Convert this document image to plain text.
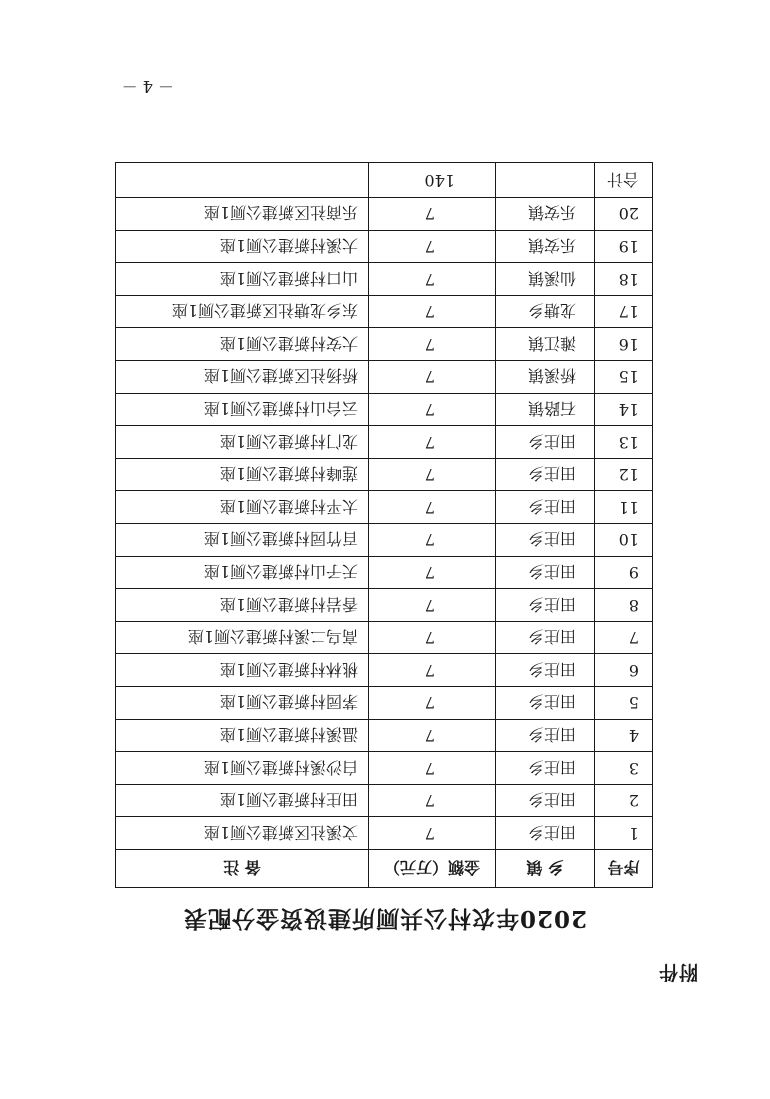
附件
2020年农村公共厕所建设资金分配表
序号	乡 镇	金额（万元）	备 注
1	田庄乡	7	文溪社区新建公厕1座
2	田庄乡	7	田庄村新建公厕1座
3	田庄乡	7	白沙溪村新建公厕1座
4	田庄乡	7	温溪村新建公厕1座
5	田庄乡	7	茅园村新建公厕1座
6	田庄乡	7	桃林村新建公厕1座
7	田庄乡	7	高乌二溪村新建公厕1座
8	田庄乡	7	香岩村新建公厕1座
9	田庄乡	7	天子山村新建公厕1座
10	田庄乡	7	百竹园村新建公厕1座
11	田庄乡	7	太平村新建公厕1座
12	田庄乡	7	莲峰村新建公厕1座
13	田庄乡	7	龙门村新建公厕1座
14	石路镇	7	云台山村新建公厕1座
15	桥溪镇	7	桥扬社区新建公厕1座
16	滩江镇	7	大安村新建公厕1座
17	龙塘乡	7	东乡龙塘社区新建公厕1座
18	仙溪镇	7	山口村新建公厕1座
19	乐安镇	7	大溪村新建公厕1座
20	乐安镇	7	乐商社区新建公厕1座
合计		140	
－ 4 －
